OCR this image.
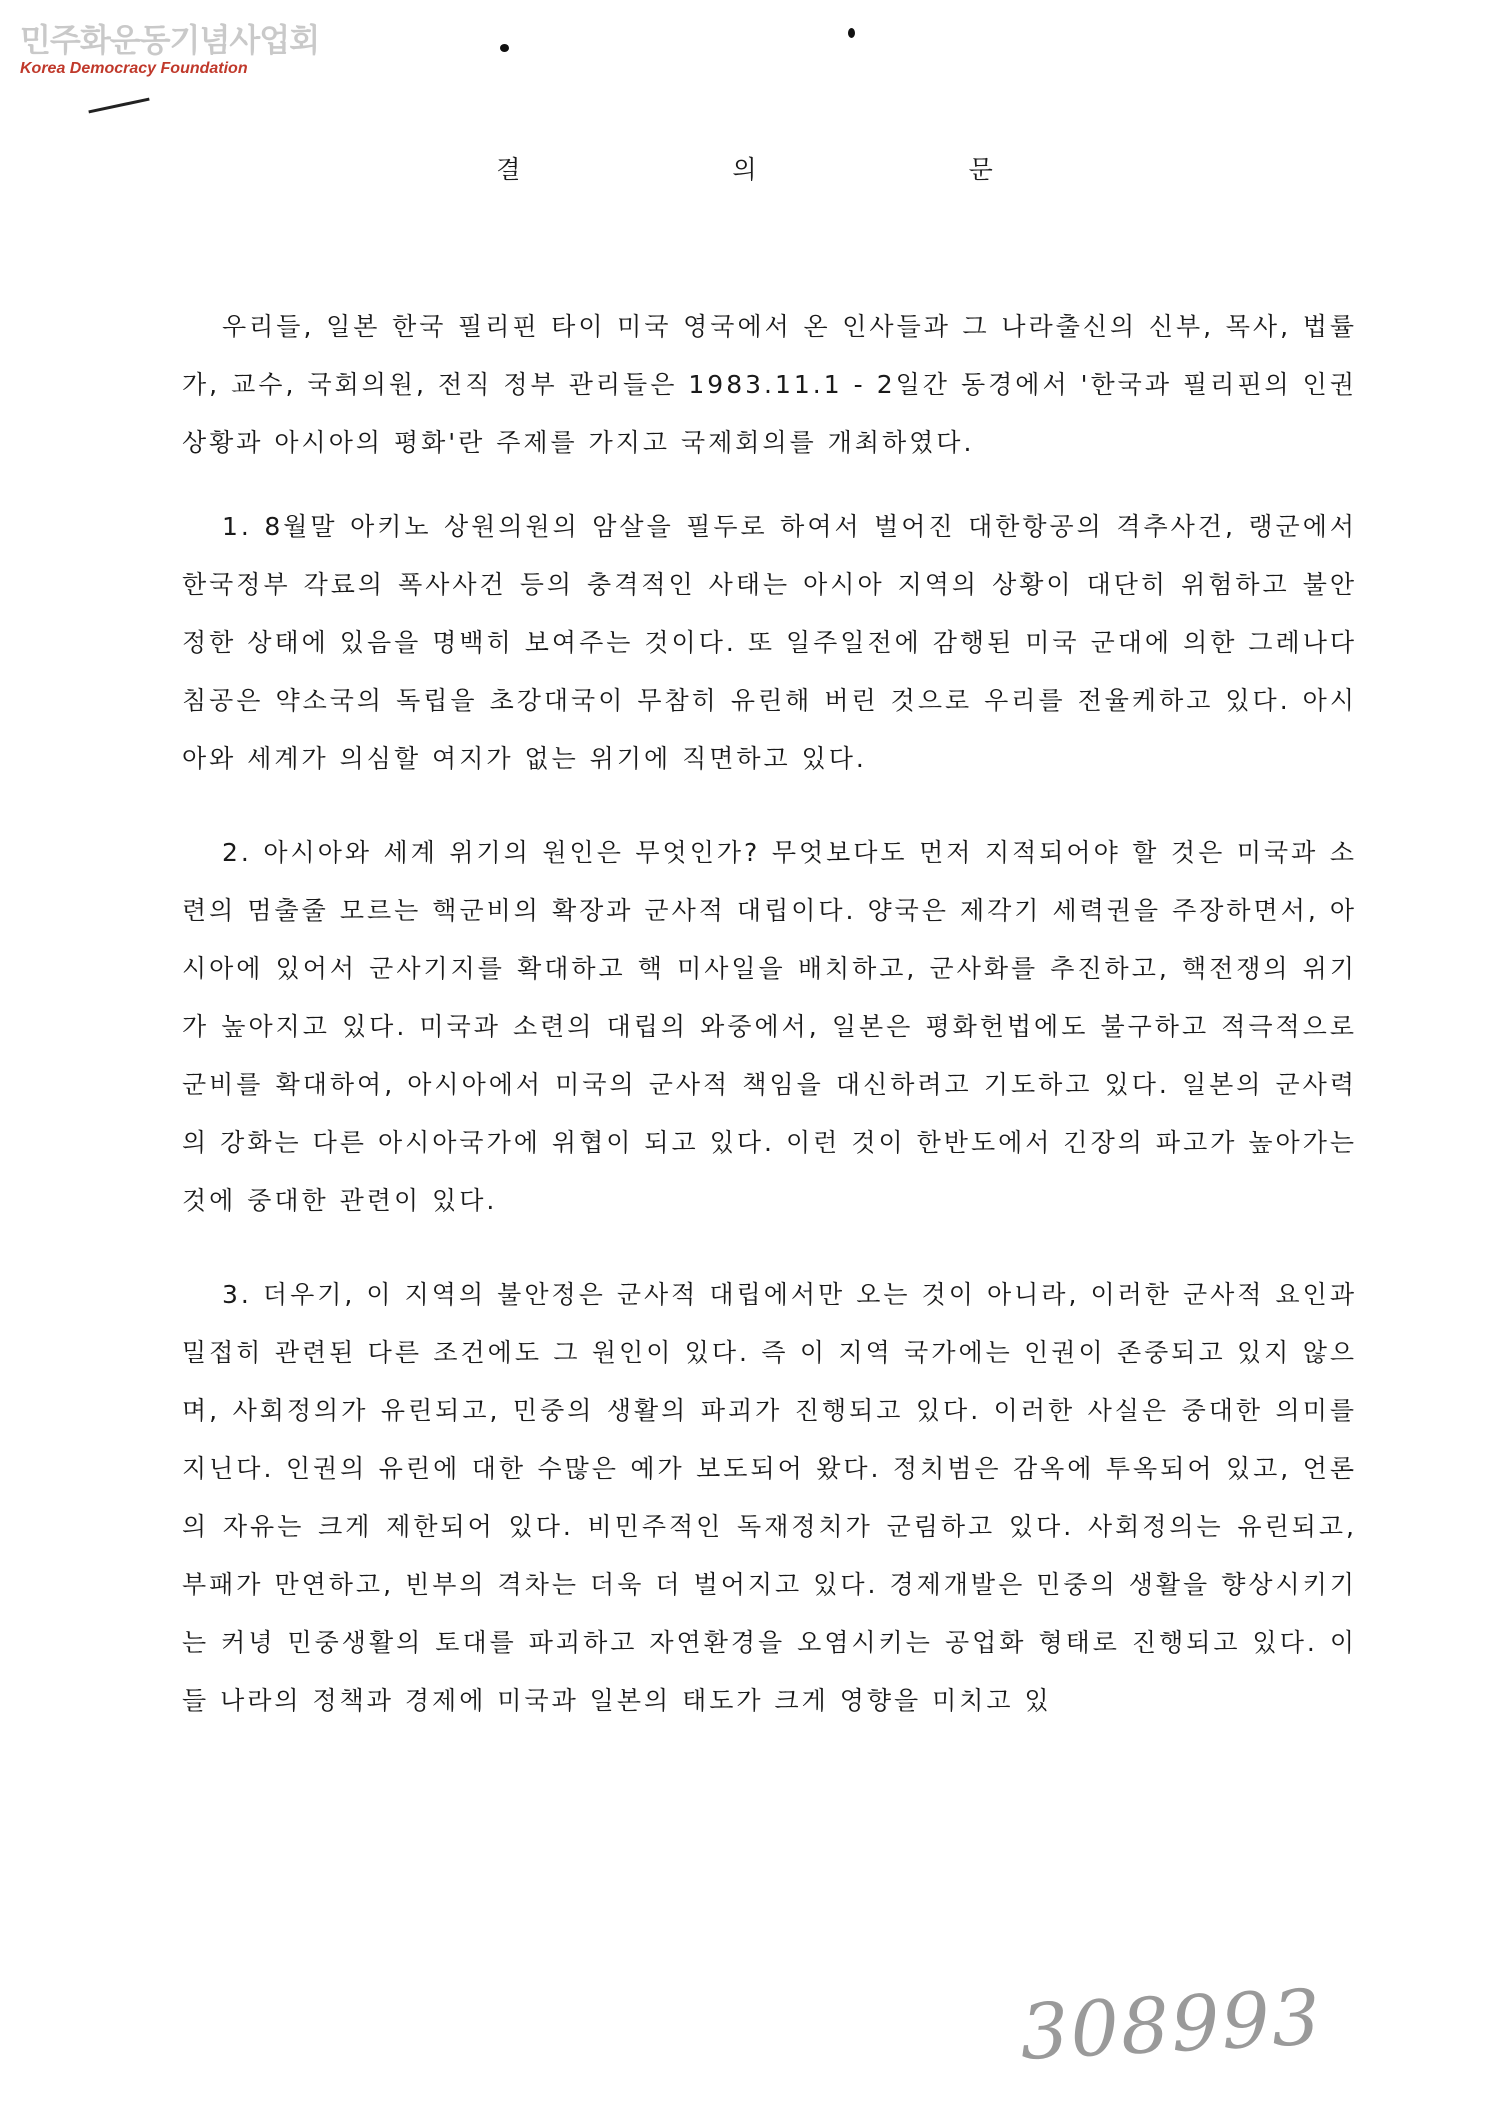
민주화운동기념사업회
Korea Democracy Foundation
결	의	문

우리들, 일본 한국 필리핀 타이 미국 영국에서 온 인사들과 그 나라출신의 신부, 목사, 법률가, 교수, 국회의원, 전직 정부 관리들은 1983.11.1 - 2일간 동경에서 '한국과 필리핀의 인권상황과 아시아의 평화'란 주제를 가지고 국제회의를 개최하였다.

1. 8월말 아키노 상원의원의 암살을 필두로 하여서 벌어진 대한항공의 격추사건, 랭군에서 한국정부 각료의 폭사사건 등의 충격적인 사태는 아시아 지역의 상황이 대단히 위험하고 불안정한 상태에 있음을 명백히 보여주는 것이다. 또 일주일전에 감행된 미국 군대에 의한 그레나다 침공은 약소국의 독립을 초강대국이 무참히 유린해 버린 것으로 우리를 전율케하고 있다. 아시아와 세계가 의심할 여지가 없는 위기에 직면하고 있다.

2. 아시아와 세계 위기의 원인은 무엇인가? 무엇보다도 먼저 지적되어야 할 것은 미국과 소련의 멈출줄 모르는 핵군비의 확장과 군사적 대립이다. 양국은 제각기 세력권을 주장하면서, 아시아에 있어서 군사기지를 확대하고 핵 미사일을 배치하고, 군사화를 추진하고, 핵전쟁의 위기가 높아지고 있다. 미국과 소련의 대립의 와중에서, 일본은 평화헌법에도 불구하고 적극적으로 군비를 확대하여, 아시아에서 미국의 군사적 책임을 대신하려고 기도하고 있다. 일본의 군사력의 강화는 다른 아시아국가에 위협이 되고 있다. 이런 것이 한반도에서 긴장의 파고가 높아가는 것에 중대한 관련이 있다.

3. 더우기, 이 지역의 불안정은 군사적 대립에서만 오는 것이 아니라, 이러한 군사적 요인과 밀접히 관련된 다른 조건에도 그 원인이 있다. 즉 이 지역 국가에는 인권이 존중되고 있지 않으며, 사회정의가 유린되고, 민중의 생활의 파괴가 진행되고 있다. 이러한 사실은 중대한 의미를 지닌다. 인권의 유린에 대한 수많은 예가 보도되어 왔다. 정치범은 감옥에 투옥되어 있고, 언론의 자유는 크게 제한되어 있다. 비민주적인 독재정치가 군림하고 있다. 사회정의는 유린되고, 부패가 만연하고, 빈부의 격차는 더욱 더 벌어지고 있다. 경제개발은 민중의 생활을 향상시키기는 커녕 민중생활의 토대를 파괴하고 자연환경을 오염시키는 공업화 형태로 진행되고 있다. 이들 나라의 정책과 경제에 미국과 일본의 태도가 크게 영향을 미치고 있

308993
